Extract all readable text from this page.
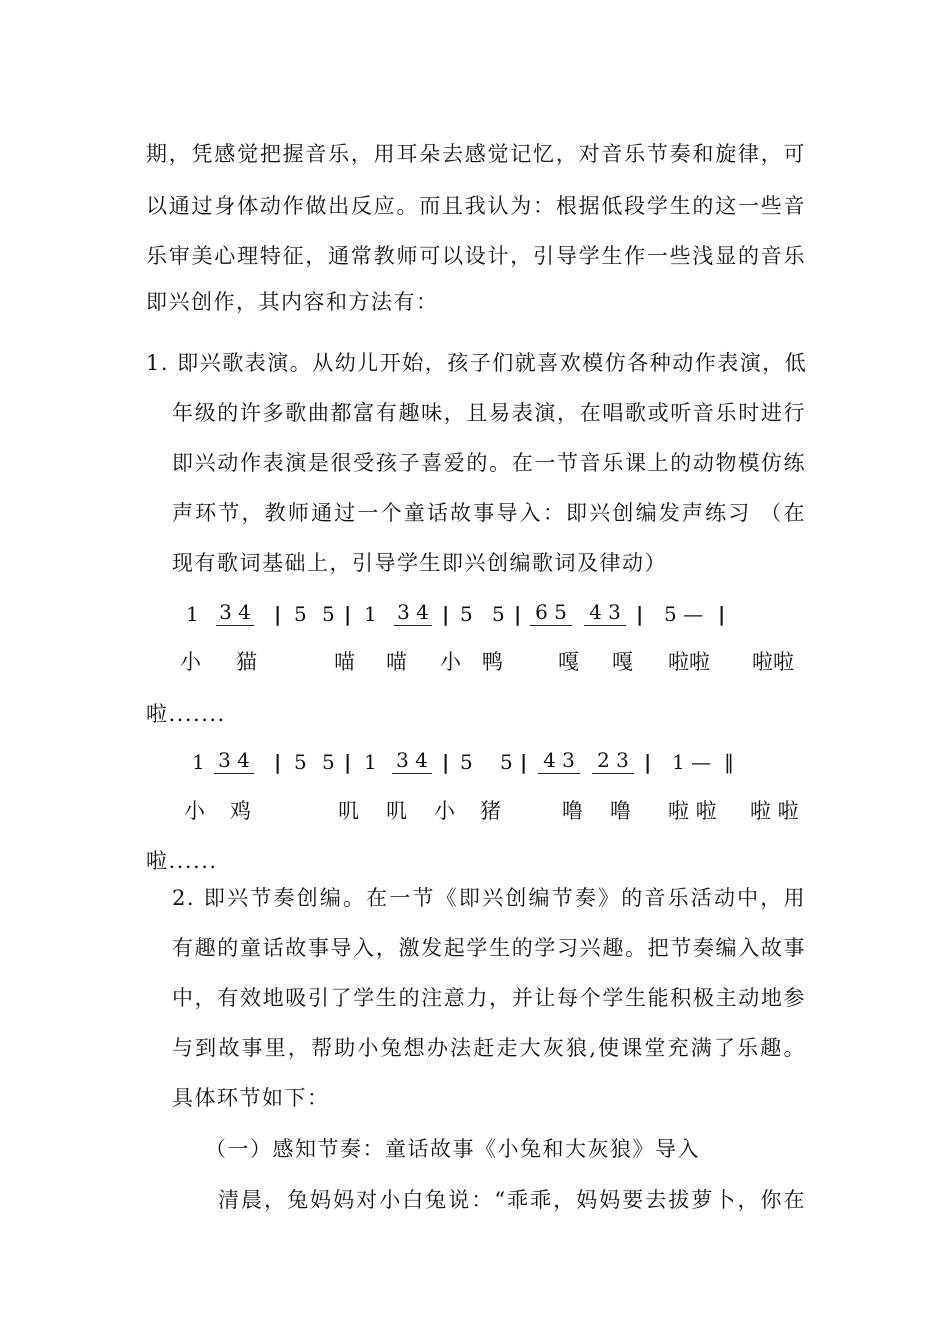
期，凭感觉把握音乐，用耳朵去感觉记忆，对音乐节奏和旋律，可
以通过身体动作做出反应。而且我认为：根据低段学生的这一些音
乐审美心理特征，通常教师可以设计，引导学生作一些浅显的音乐
即兴创作，其内容和方法有：
1. 即兴歌表演。从幼儿开始，孩子们就喜欢模仿各种动作表演，低
年级的许多歌曲都富有趣味，且易表演，在唱歌或听音乐时进行
即兴动作表演是很受孩子喜爱的。在一节音乐课上的动物模仿练
声环节，教师通过一个童话故事导入：即兴创编发声练习 （在
现有歌词基础上，引导学生即兴创编歌词及律动）
1 3 4 | 5 5 | 1 3 4 | 5 5 | 6 5 4 3 | 5 — |
小 猫	喵 喵 小 鸭	嘎 嘎 啦啦 啦啦
啦.......
1 3 4 | 5 5 | 1 3 4 | 5 5 | 4 3 2 3 | 1 — ‖
小 鸡	叽 叽 小 猪	噜 噜 啦 啦 啦 啦
啦......
2. 即兴节奏创编。在一节《即兴创编节奏》的音乐活动中，用
有趣的童话故事导入，激发起学生的学习兴趣。把节奏编入故事
中，有效地吸引了学生的注意力，并让每个学生能积极主动地参
与到故事里，帮助小兔想办法赶走大灰狼,使课堂充满了乐趣。
具体环节如下：
（一）感知节奏：童话故事《小兔和大灰狼》导入
清晨，兔妈妈对小白兔说：“乖乖，妈妈要去拔萝卜，你在
